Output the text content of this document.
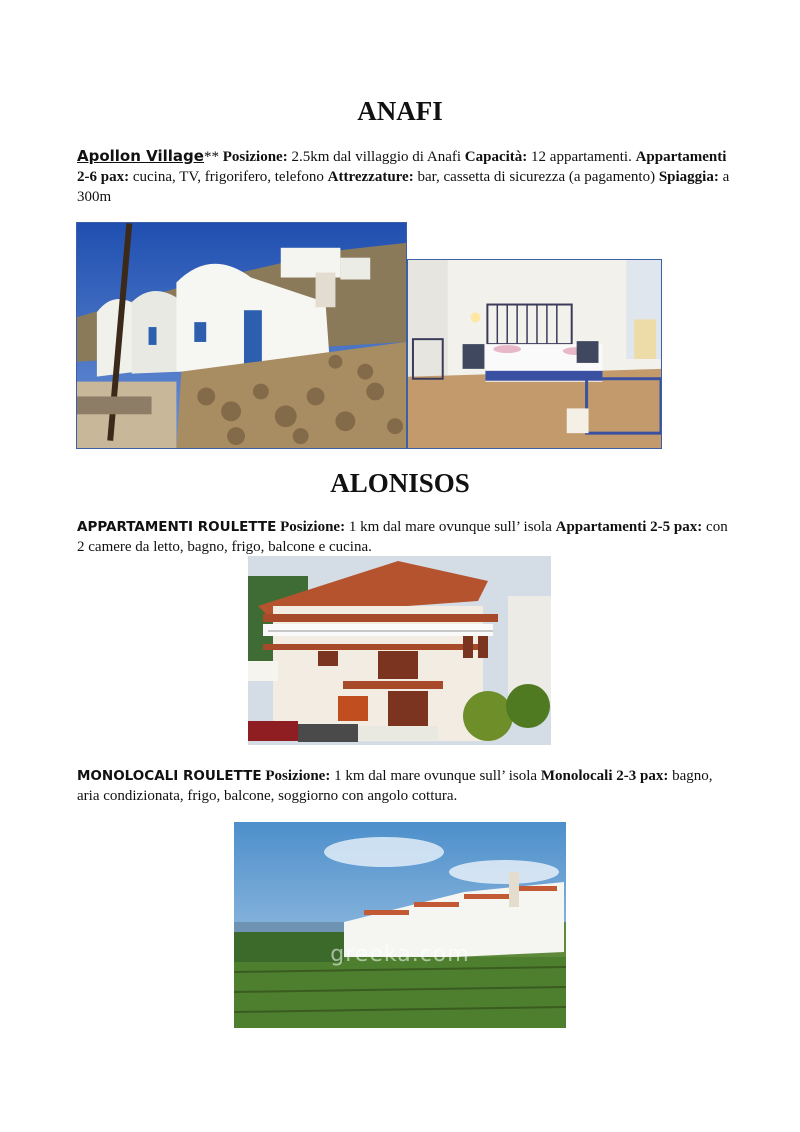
ANAFI
Apollon Village** Posizione: 2.5km dal villaggio di Anafi Capacità: 12 appartamenti. Appartamenti 2-6 pax: cucina, TV, frigorifero, telefono Attrezzature: bar, cassetta di sicurezza (a pagamento) Spiaggia: a 300m
ALONISOS
APPARTAMENTI ROULETTE Posizione: 1 km dal mare ovunque sull’ isola Appartamenti 2-5 pax: con 2 camere da letto, bagno, frigo, balcone e cucina.
MONOLOCALI ROULETTE Posizione: 1 km dal mare ovunque sull’ isola Monolocali 2-3 pax: bagno, aria condizionata, frigo, balcone, soggiorno con angolo cottura.
greeka.com
